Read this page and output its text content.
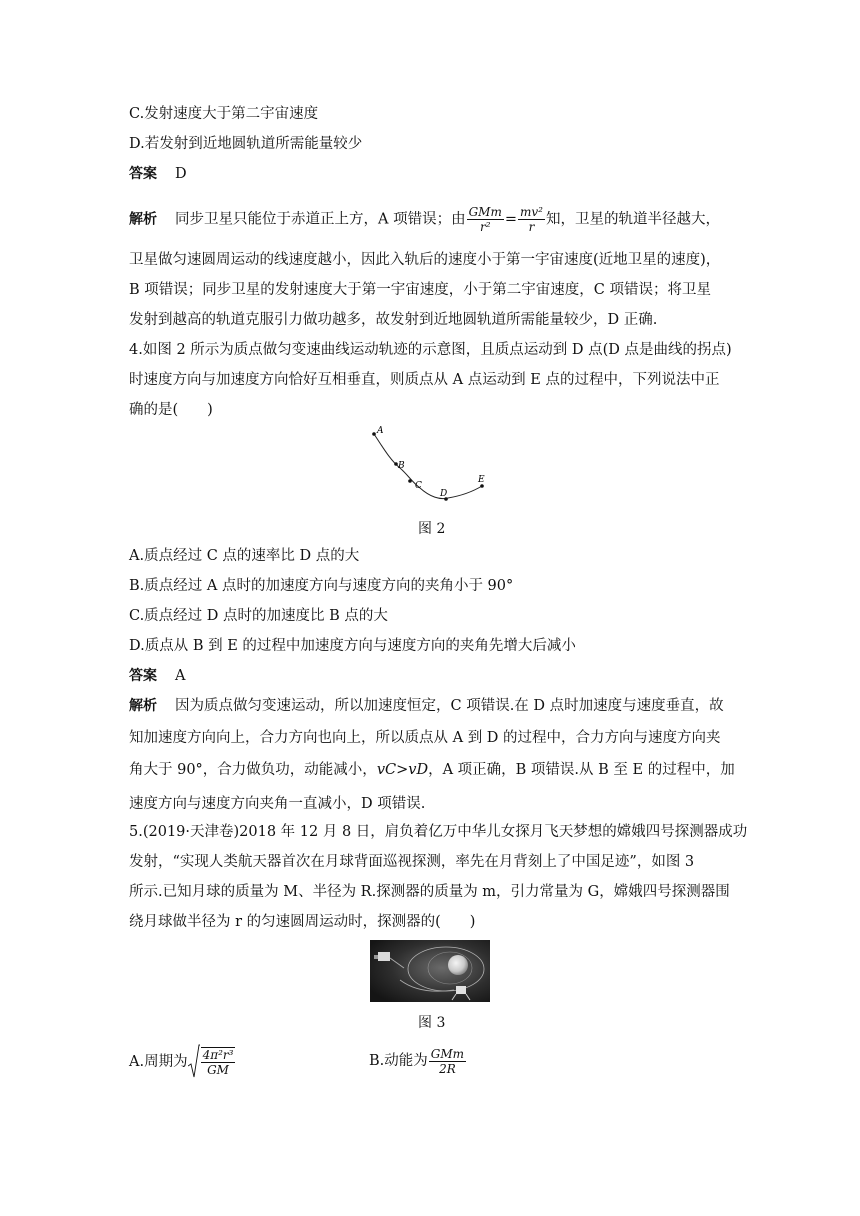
C.发射速度大于第二宇宙速度
D.若发射到近地圆轨道所需能量较少
答案 D
解析 同步卫星只能位于赤道正上方，A 项错误；由 $\frac{\text{GMm}}{\text{r²}} = \frac{\text{mv²}}{r}$ 知，卫星的轨道半径越大，
卫星做匀速圆周运动的线速度越小，因此入轨后的速度小于第一宇宙速度(近地卫星的速度)，
B 项错误；同步卫星的发射速度大于第一宇宙速度，小于第二宇宙速度，C 项错误；将卫星
发射到越高的轨道克服引力做功越多，故发射到近地圆轨道所需能量较少，D 正确.
4.如图 2 所示为质点做匀变速曲线运动轨迹的示意图，且质点运动到 D 点(D 点是曲线的拐点)
时速度方向与加速度方向恰好互相垂直，则质点从 A 点运动到 E 点的过程中，下列说法中正
确的是(　　)
A
B
C
D
E
图 2
A.质点经过 C 点的速率比 D 点的大
B.质点经过 A 点时的加速度方向与速度方向的夹角小于 90°
C.质点经过 D 点时的加速度比 B 点的大
D.质点从 B 到 E 的过程中加速度方向与速度方向的夹角先增大后减小
答案 A
解析 因为质点做匀变速运动，所以加速度恒定，C 项错误.在 D 点时加速度与速度垂直，故
知加速度方向向上，合力方向也向上，所以质点从 A 到 D 的过程中，合力方向与速度方向夹
角大于 90°，合力做负功，动能减小，vC>vD，A 项正确，B 项错误.从 B 至 E 的过程中，加
速度方向与速度方向夹角一直减小，D 项错误.
5.(2019·天津卷)2018 年 12 月 8 日，肩负着亿万中华儿女探月飞天梦想的嫦娥四号探测器成功
发射，“实现人类航天器首次在月球背面巡视探测，率先在月背刻上了中国足迹”，如图 3
所示.已知月球的质量为 M、半径为 R.探测器的质量为 m，引力常量为 G，嫦娥四号探测器围
绕月球做半径为 r 的匀速圆周运动时，探测器的(　　)
图 3
A.周期为 $\frac{\text{4π²r³}}{GM}$	B.动能为 $\frac{\text{GMm}}{2R}$
